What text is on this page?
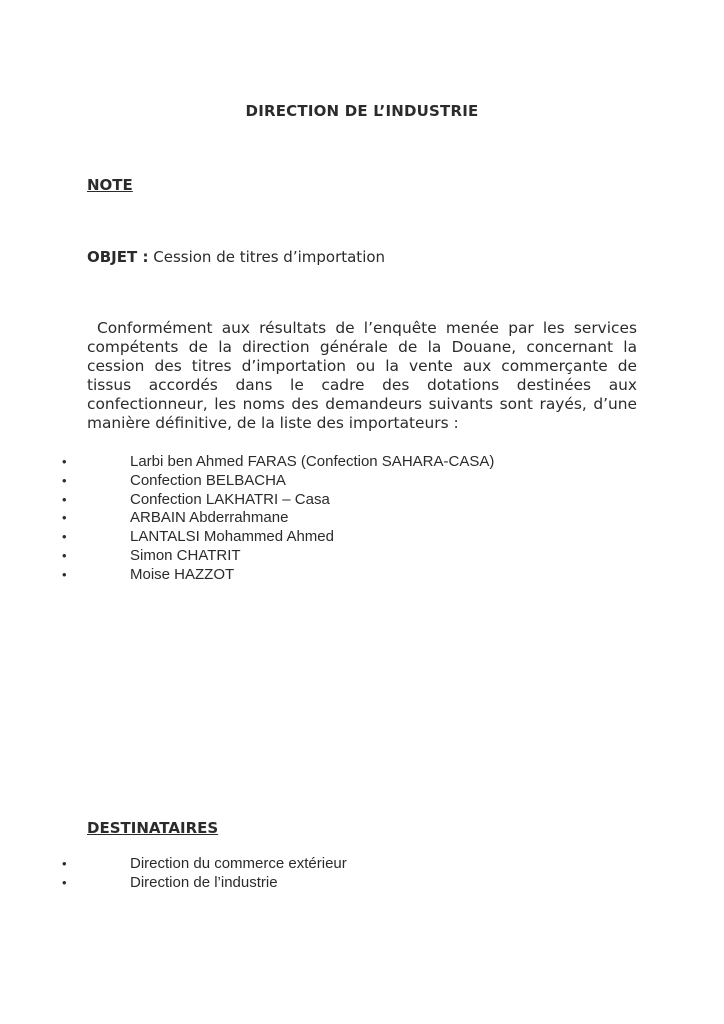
DIRECTION DE L’INDUSTRIE
NOTE
OBJET : Cession de titres d’importation
Conformément aux résultats de l’enquête menée par les services compétents de la direction générale de la Douane, concernant la cession des titres d’importation ou la vente aux commerçante de tissus accordés dans le cadre des dotations destinées aux confectionneur, les noms des demandeurs suivants sont rayés, d’une manière définitive, de la liste des importateurs :
•	Larbi ben Ahmed FARAS (Confection SAHARA-CASA)
•	Confection BELBACHA
•	Confection LAKHATRI – Casa
•	ARBAIN Abderrahmane
•	LANTALSI Mohammed Ahmed
•	Simon CHATRIT
•	Moise HAZZOT
DESTINATAIRES
•	Direction du commerce extérieur
•	Direction de l’industrie
